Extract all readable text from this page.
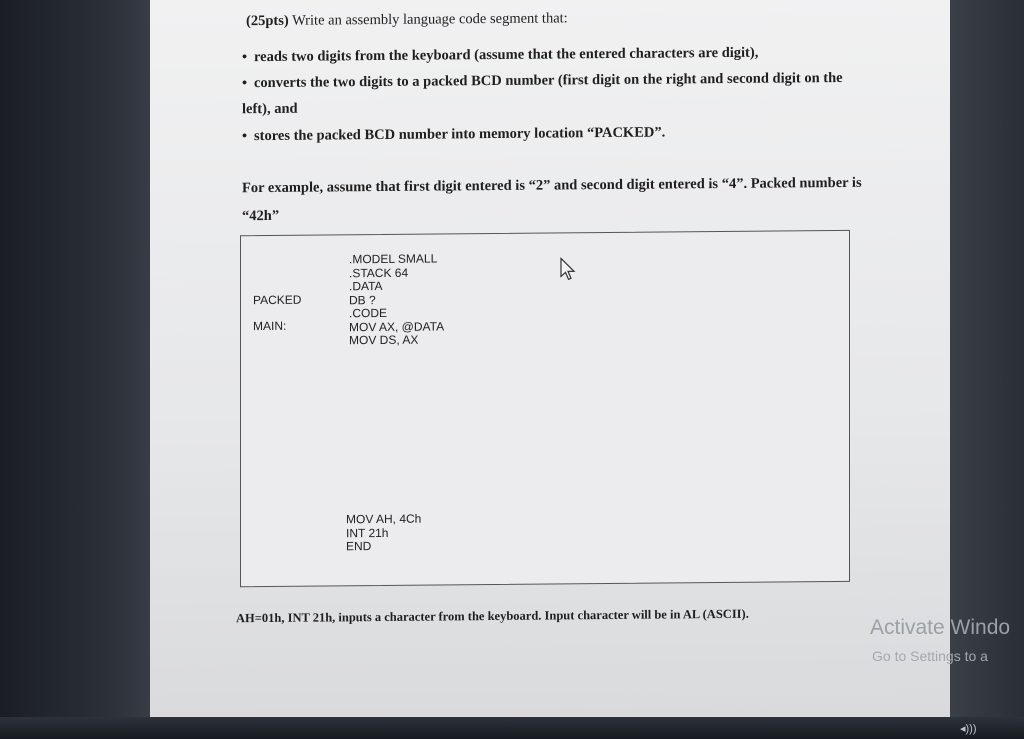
(25pts) Write an assembly language code segment that:
• reads two digits from the keyboard (assume that the entered characters are digit),
• converts the two digits to a packed BCD number (first digit on the right and second digit on the left), and
• stores the packed BCD number into memory location “PACKED”.
For example, assume that first digit entered is “2” and second digit entered is “4”. Packed number is “42h”
.MODEL SMALL
.STACK 64
.DATA
DB ?
.CODE
MOV AX, @DATA
MOV DS, AX
PACKED
MAIN:
MOV AH, 4Ch
INT 21h
END
AH=01h, INT 21h, inputs a character from the keyboard. Input character will be in AL (ASCII).	Activate Windo
Go to Settings to a
◂)))
